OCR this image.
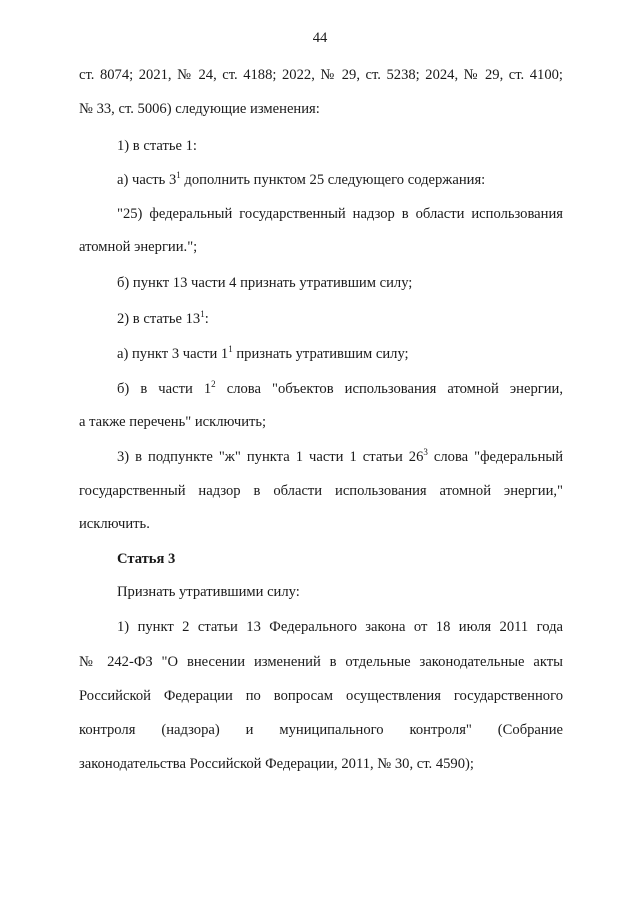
44
ст. 8074; 2021, № 24, ст. 4188; 2022, № 29, ст. 5238; 2024, № 29, ст. 4100;
№ 33, ст. 5006) следующие изменения:
1) в статье 1:
а) часть $3^1$ дополнить пунктом 25 следующего содержания:
"25) федеральный государственный надзор в области использования
атомной энергии.";
б) пункт 13 части 4 признать утратившим силу;
2) в статье $13^1$:
а) пункт 3 части $1^1$ признать утратившим силу;
б) в части $1^2$ слова "объектов использования атомной энергии,
а также перечень" исключить;
3) в подпункте "ж" пункта 1 части 1 статьи $26^3$ слова "федеральный
государственный надзор в области использования атомной энергии,"
исключить.
Статья 3
Признать утратившими силу:
1) пункт 2 статьи 13 Федерального закона от 18 июля 2011 года
№ 242-ФЗ "О внесении изменений в отдельные законодательные акты
Российской Федерации по вопросам осуществления государственного
контроля (надзора) и муниципального контроля" (Собрание
законодательства Российской Федерации, 2011, № 30, ст. 4590);
